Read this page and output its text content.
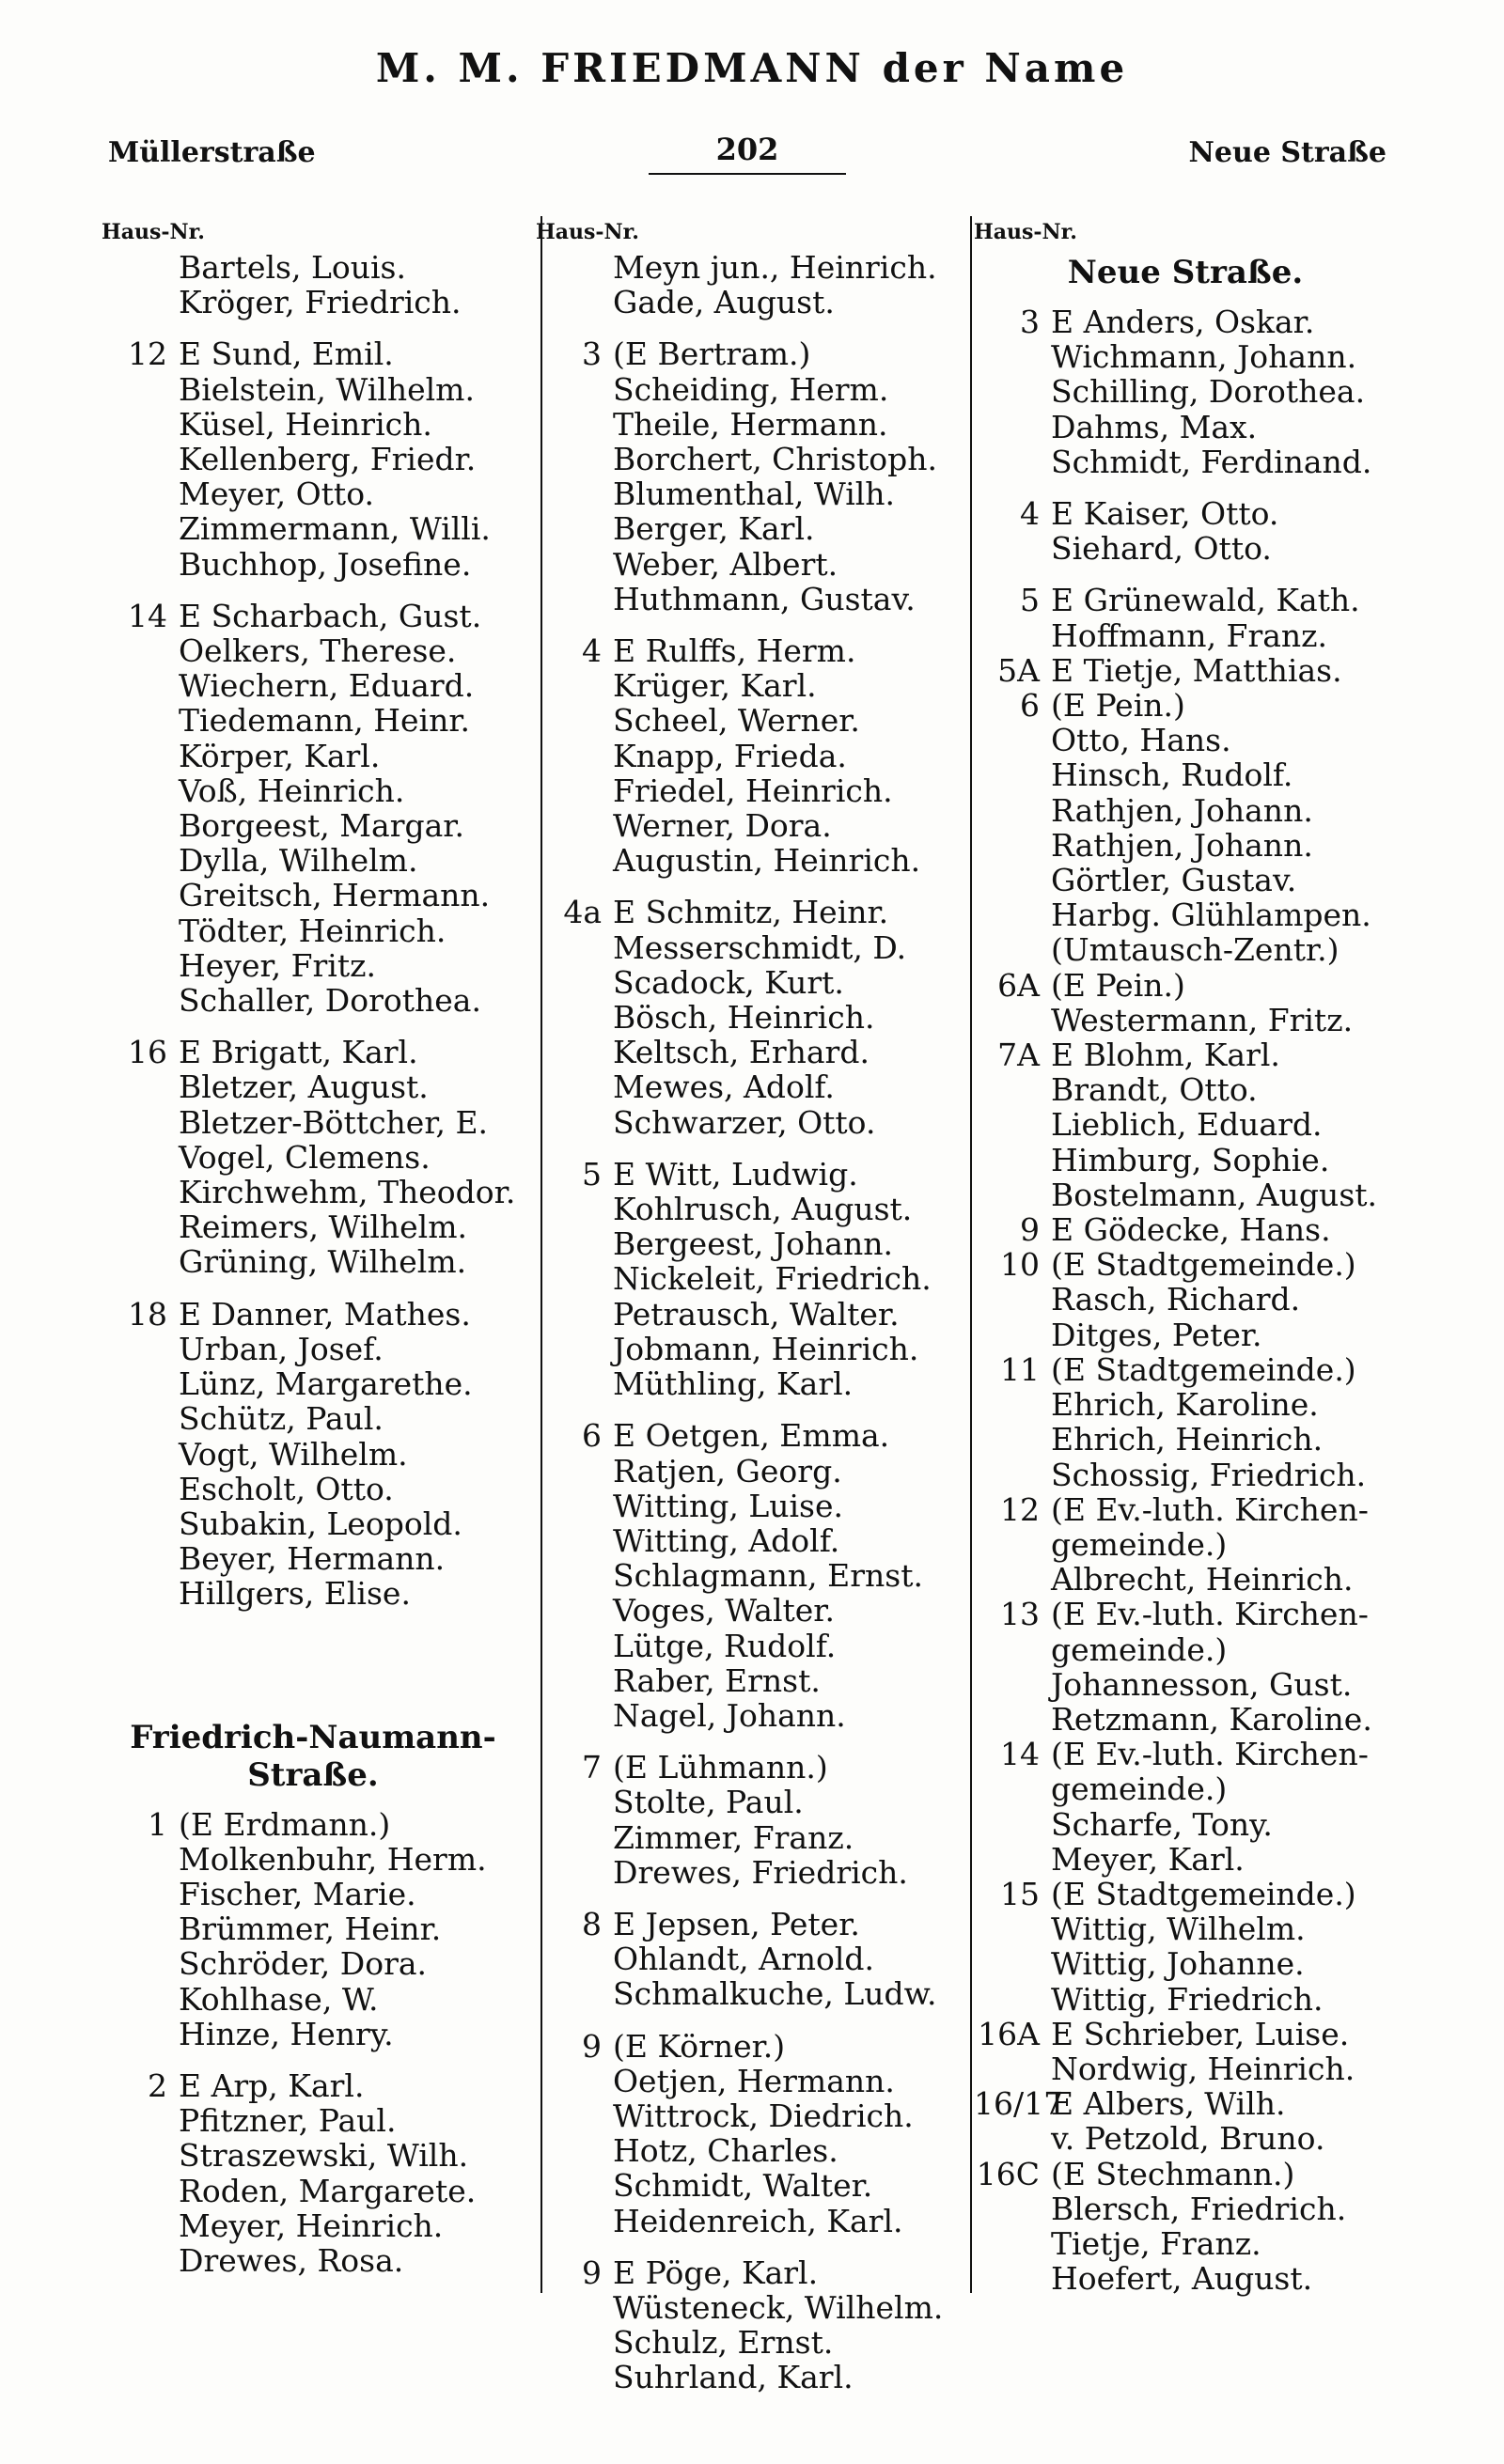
M. M. FRIEDMANN der Name
Müllerstraße	202	Neue Straße
Haus-Nr.
Bartels, Louis.
Kröger, Friedrich.
12 E Sund, Emil.
Bielstein, Wilhelm.
Küsel, Heinrich.
Kellenberg, Friedr.
Meyer, Otto.
Zimmermann, Willi.
Buchhop, Josefine.
14 E Scharbach, Gust.
Oelkers, Therese.
Wiechern, Eduard.
Tiedemann, Heinr.
Körper, Karl.
Voß, Heinrich.
Borgeest, Margar.
Dylla, Wilhelm.
Greitsch, Hermann.
Tödter, Heinrich.
Heyer, Fritz.
Schaller, Dorothea.
16 E Brigatt, Karl.
Bletzer, August.
Bletzer-Böttcher, E.
Vogel, Clemens.
Kirchwehm, Theodor.
Reimers, Wilhelm.
Grüning, Wilhelm.
18 E Danner, Mathes.
Urban, Josef.
Lünz, Margarethe.
Schütz, Paul.
Vogt, Wilhelm.
Escholt, Otto.
Subakin, Leopold.
Beyer, Hermann.
Hillgers, Elise.
Friedrich-Naumann-
Straße.
1 (E Erdmann.)
Molkenbuhr, Herm.
Fischer, Marie.
Brümmer, Heinr.
Schröder, Dora.
Kohlhase, W.
Hinze, Henry.
2 E Arp, Karl.
Pfitzner, Paul.
Straszewski, Wilh.
Roden, Margarete.
Meyer, Heinrich.
Drewes, Rosa.
Haus-Nr.
Meyn jun., Heinrich.
Gade, August.
3 (E Bertram.)
Scheiding, Herm.
Theile, Hermann.
Borchert, Christoph.
Blumenthal, Wilh.
Berger, Karl.
Weber, Albert.
Huthmann, Gustav.
4 E Rulffs, Herm.
Krüger, Karl.
Scheel, Werner.
Knapp, Frieda.
Friedel, Heinrich.
Werner, Dora.
Augustin, Heinrich.
4a E Schmitz, Heinr.
Messerschmidt, D.
Scadock, Kurt.
Bösch, Heinrich.
Keltsch, Erhard.
Mewes, Adolf.
Schwarzer, Otto.
5 E Witt, Ludwig.
Kohlrusch, August.
Bergeest, Johann.
Nickeleit, Friedrich.
Petrausch, Walter.
Jobmann, Heinrich.
Müthling, Karl.
6 E Oetgen, Emma.
Ratjen, Georg.
Witting, Luise.
Witting, Adolf.
Schlagmann, Ernst.
Voges, Walter.
Lütge, Rudolf.
Raber, Ernst.
Nagel, Johann.
7 (E Lühmann.)
Stolte, Paul.
Zimmer, Franz.
Drewes, Friedrich.
8 E Jepsen, Peter.
Ohlandt, Arnold.
Schmalkuche, Ludw.
9 (E Körner.)
Oetjen, Hermann.
Wittrock, Diedrich.
Hotz, Charles.
Schmidt, Walter.
Heidenreich, Karl.
9 E Pöge, Karl.
Wüsteneck, Wilhelm.
Schulz, Ernst.
Suhrland, Karl.
Haus-Nr.
Neue Straße.
3 E Anders, Oskar.
Wichmann, Johann.
Schilling, Dorothea.
Dahms, Max.
Schmidt, Ferdinand.
4 E Kaiser, Otto.
Siehard, Otto.
5 E Grünewald, Kath.
Hoffmann, Franz.
5A E Tietje, Matthias.
6 (E Pein.)
Otto, Hans.
Hinsch, Rudolf.
Rathjen, Johann.
Rathjen, Johann.
Görtler, Gustav.
Harbg. Glühlampen.
(Umtausch-Zentr.)
6A (E Pein.)
Westermann, Fritz.
7A E Blohm, Karl.
Brandt, Otto.
Lieblich, Eduard.
Himburg, Sophie.
Bostelmann, August.
9 E Gödecke, Hans.
10 (E Stadtgemeinde.)
Rasch, Richard.
Ditges, Peter.
11 (E Stadtgemeinde.)
Ehrich, Karoline.
Ehrich, Heinrich.
Schossig, Friedrich.
12 (E Ev.-luth. Kirchen-
gemeinde.)
Albrecht, Heinrich.
13 (E Ev.-luth. Kirchen-
gemeinde.)
Johannesson, Gust.
Retzmann, Karoline.
14 (E Ev.-luth. Kirchen-
gemeinde.)
Scharfe, Tony.
Meyer, Karl.
15 (E Stadtgemeinde.)
Wittig, Wilhelm.
Wittig, Johanne.
Wittig, Friedrich.
16A E Schrieber, Luise.
Nordwig, Heinrich.
16/17
E Albers, Wilh.
v. Petzold, Bruno.
16C (E Stechmann.)
Blersch, Friedrich.
Tietje, Franz.
Hoefert, August.
